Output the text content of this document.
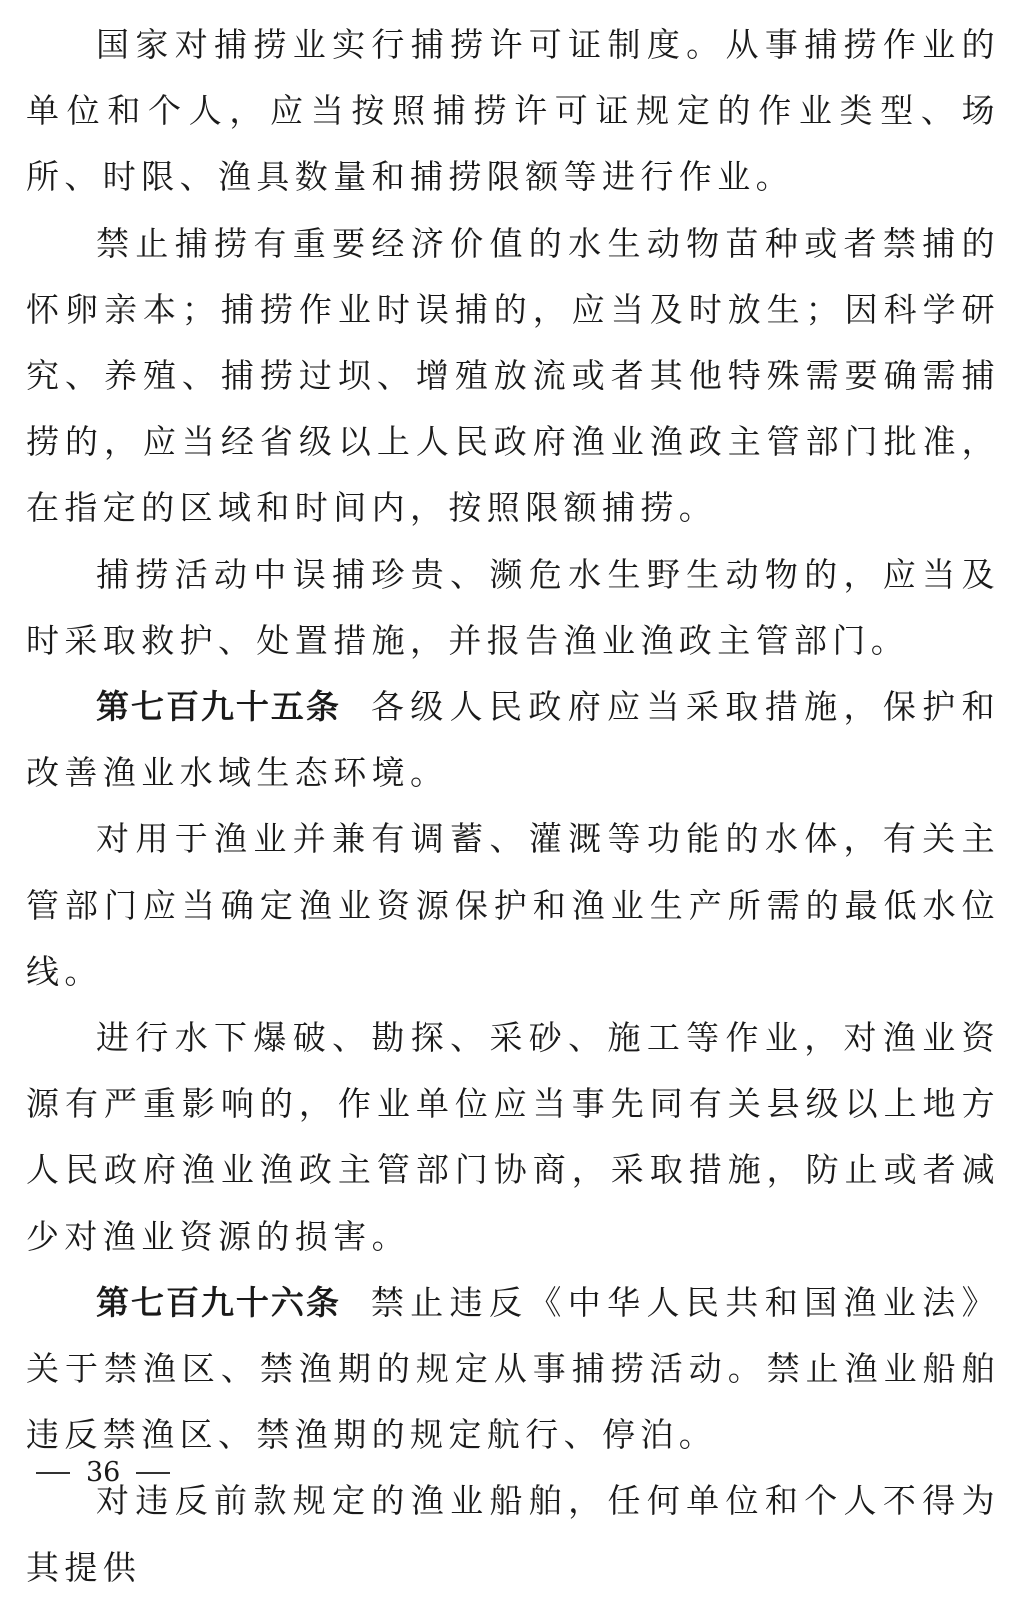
国家对捕捞业实行捕捞许可证制度。从事捕捞作业的单位和个人，应当按照捕捞许可证规定的作业类型、场所、时限、渔具数量和捕捞限额等进行作业。

禁止捕捞有重要经济价值的水生动物苗种或者禁捕的怀卵亲本；捕捞作业时误捕的，应当及时放生；因科学研究、养殖、捕捞过坝、增殖放流或者其他特殊需要确需捕捞的，应当经省级以上人民政府渔业渔政主管部门批准，在指定的区域和时间内，按照限额捕捞。

捕捞活动中误捕珍贵、濒危水生野生动物的，应当及时采取救护、处置措施，并报告渔业渔政主管部门。

第七百九十五条 各级人民政府应当采取措施，保护和改善渔业水域生态环境。

对用于渔业并兼有调蓄、灌溉等功能的水体，有关主管部门应当确定渔业资源保护和渔业生产所需的最低水位线。

进行水下爆破、勘探、采砂、施工等作业，对渔业资源有严重影响的，作业单位应当事先同有关县级以上地方人民政府渔业渔政主管部门协商，采取措施，防止或者减少对渔业资源的损害。

第七百九十六条 禁止违反《中华人民共和国渔业法》关于禁渔区、禁渔期的规定从事捕捞活动。禁止渔业船舶违反禁渔区、禁渔期的规定航行、停泊。

对违反前款规定的渔业船舶，任何单位和个人不得为其提供

36
